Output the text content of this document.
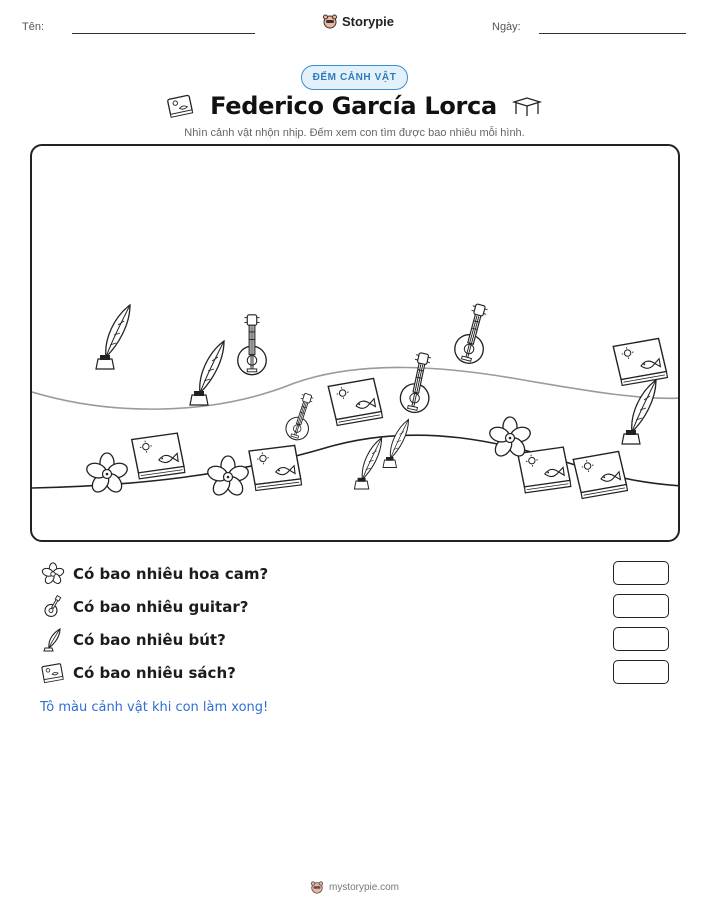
Tên:	Storypie	Ngày:
ĐẾM CẢNH VẬT
Federico García Lorca
Nhìn cảnh vật nhộn nhịp. Đếm xem con tìm được bao nhiêu mỗi hình.
Có bao nhiêu hoa cam?
Có bao nhiêu guitar?
Có bao nhiêu bút?
Có bao nhiêu sách?
Tô màu cảnh vật khi con làm xong!
mystorypie.com
